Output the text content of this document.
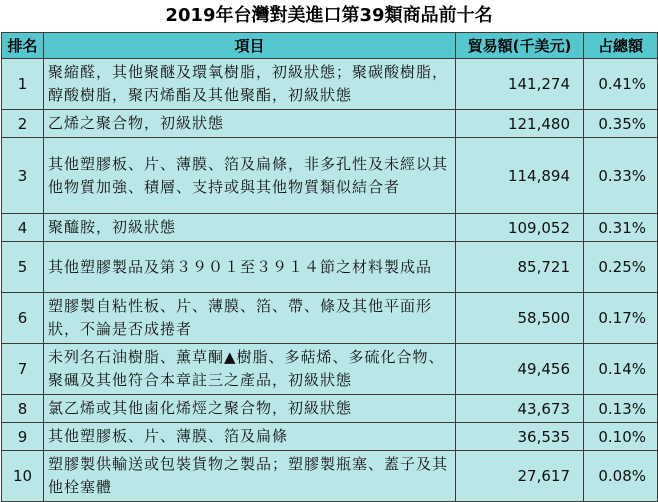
2019年台灣對美進口第39類商品前十名
排名	項目	貿易額(千美元)	占總額
1	聚縮醛，其他聚醚及環氧樹脂，初級狀態；聚碳酸樹脂，醇酸樹脂，聚丙烯酯及其他聚酯，初級狀態	141,274	0.41%
2	乙烯之聚合物，初級狀態	121,480	0.35%
3	其他塑膠板、片、薄膜、箔及扁條，非多孔性及未經以其他物質加強、積層、支持或與其他物質類似結合者	114,894	0.33%
4	聚醯胺，初級狀態	109,052	0.31%
5	其他塑膠製品及第３９０１至３９１４節之材料製成品	85,721	0.25%
6	塑膠製自粘性板、片、薄膜、箔、帶、條及其他平面形狀，不論是否成捲者	58,500	0.17%
7	未列名石油樹脂、薰草酮▲樹脂、多萜烯、多硫化合物、聚碸及其他符合本章註三之產品，初級狀態	49,456	0.14%
8	氯乙烯或其他鹵化烯烴之聚合物，初級狀態	43,673	0.13%
9	其他塑膠板、片、薄膜、箔及扁條	36,535	0.10%
10	塑膠製供輸送或包裝貨物之製品；塑膠製瓶塞、蓋子及其他栓塞體	27,617	0.08%
